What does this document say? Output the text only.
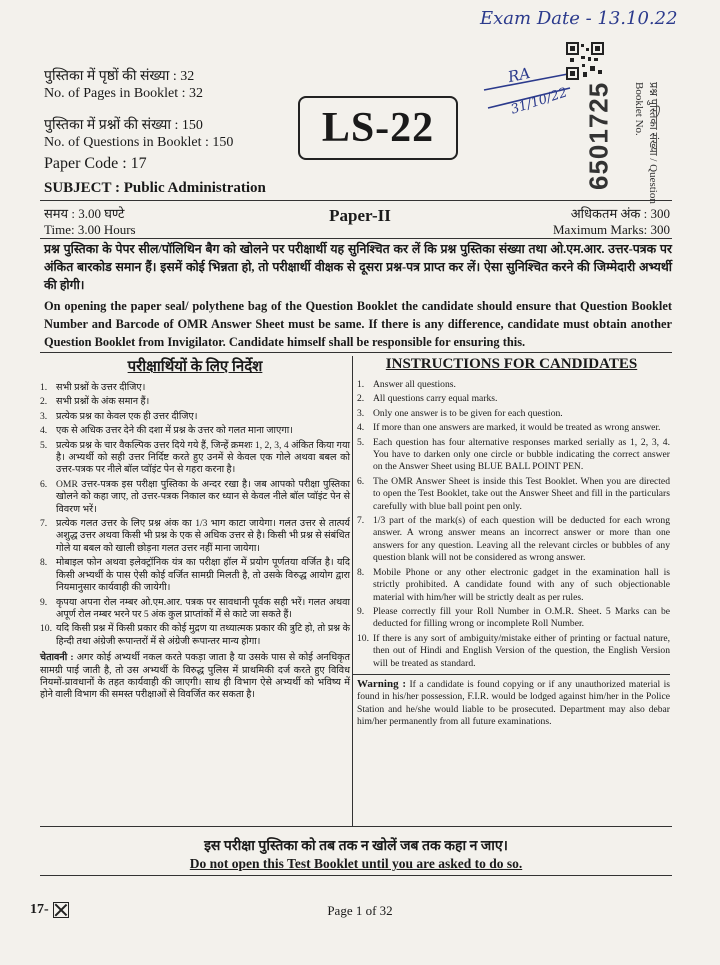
Exam Date - 13.10.22
RA
31/10/22
पुस्तिका में पृष्ठों की संख्या : 32
No. of Pages in Booklet : 32
पुस्तिका में प्रश्नों की संख्या : 150
No. of Questions in Booklet : 150
Paper Code : 17
SUBJECT : Public Administration
LS-22	6501725	प्रश्न पुस्तिका संख्या / Question Booklet No.
समय : 3.00 घण्टे
Time: 3.00 Hours
Paper-II	अधिकतम अंक : 300
Maximum Marks: 300
प्रश्न पुस्तिका के पेपर सील/पॉलिथिन बैग को खोलने पर परीक्षार्थी यह सुनिश्चित कर लें कि प्रश्न पुस्तिका संख्या तथा ओ.एम.आर. उत्तर-पत्रक पर अंकित बारकोड समान हैं। इसमें कोई भिन्नता हो, तो परीक्षार्थी वीक्षक से दूसरा प्रश्न-पत्र प्राप्त कर लें। ऐसा सुनिश्चित करने की जिम्मेदारी अभ्यर्थी की होगी।
On opening the paper seal/ polythene bag of the Question Booklet the candidate should ensure that Question Booklet Number and Barcode of OMR Answer Sheet must be same. If there is any difference, candidate must obtain another Question Booklet from Invigilator. Candidate himself shall be responsible for ensuring this.
परीक्षार्थियों के लिए निर्देश
1. सभी प्रश्नों के उत्तर दीजिए।
2. सभी प्रश्नों के अंक समान हैं।
3. प्रत्येक प्रश्न का केवल एक ही उत्तर दीजिए।
4. एक से अधिक उत्तर देने की दशा में प्रश्न के उत्तर को गलत माना जाएगा।
5. प्रत्येक प्रश्न के चार वैकल्पिक उत्तर दिये गये हैं, जिन्हें क्रमशः 1, 2, 3, 4 अंकित किया गया है। अभ्यर्थी को सही उत्तर निर्दिष्ट करते हुए उनमें से केवल एक गोले अथवा बबल को उत्तर-पत्रक पर नीले बॉल प्वॉइंट पेन से गहरा करना है।
6. OMR उत्तर-पत्रक इस परीक्षा पुस्तिका के अन्दर रखा है। जब आपको परीक्षा पुस्तिका खोलने को कहा जाए, तो उत्तर-पत्रक निकाल कर ध्यान से केवल नीले बॉल प्वॉइंट पेन से विवरण भरें।
7. प्रत्येक गलत उत्तर के लिए प्रश्न अंक का 1/3 भाग काटा जायेगा। गलत उत्तर से तात्पर्य अशुद्ध उत्तर अथवा किसी भी प्रश्न के एक से अधिक उत्तर से है। किसी भी प्रश्न से संबंधित गोले या बबल को खाली छोड़ना गलत उत्तर नहीं माना जायेगा।
8. मोबाइल फोन अथवा इलेक्ट्रॉनिक यंत्र का परीक्षा हॉल में प्रयोग पूर्णतया वर्जित है। यदि किसी अभ्यर्थी के पास ऐसी कोई वर्जित सामग्री मिलती है, तो उसके विरुद्ध आयोग द्वारा नियमानुसार कार्यवाही की जायेगी।
9. कृपया अपना रोल नम्बर ओ.एम.आर. पत्रक पर सावधानी पूर्वक सही भरें। गलत अथवा अपूर्ण रोल नम्बर भरने पर 5 अंक कुल प्राप्तांकों में से काटे जा सकते हैं।
10. यदि किसी प्रश्न में किसी प्रकार की कोई मुद्रण या तथ्यात्मक प्रकार की त्रुटि हो, तो प्रश्न के हिन्दी तथा अंग्रेजी रूपान्तरों में से अंग्रेजी रूपान्तर मान्य होगा।
चेतावनी : अगर कोई अभ्यर्थी नकल करते पकड़ा जाता है या उसके पास से कोई अनधिकृत सामग्री पाई जाती है, तो उस अभ्यर्थी के विरुद्ध पुलिस में प्राथमिकी दर्ज करते हुए विविध नियमों-प्रावधानों के तहत कार्यवाही की जाएगी। साथ ही विभाग ऐसे अभ्यर्थी को भविष्य में होने वाली विभाग की समस्त परीक्षाओं से विवर्जित कर सकता है।
INSTRUCTIONS FOR CANDIDATES
1. Answer all questions.
2. All questions carry equal marks.
3. Only one answer is to be given for each question.
4. If more than one answers are marked, it would be treated as wrong answer.
5. Each question has four alternative responses marked serially as 1, 2, 3, 4. You have to darken only one circle or bubble indicating the correct answer on the Answer Sheet using BLUE BALL POINT PEN.
6. The OMR Answer Sheet is inside this Test Booklet. When you are directed to open the Test Booklet, take out the Answer Sheet and fill in the particulars carefully with blue ball point pen only.
7. 1/3 part of the mark(s) of each question will be deducted for each wrong answer. A wrong answer means an incorrect answer or more than one answers for any question. Leaving all the relevant circles or bubbles of any question blank will not be considered as wrong answer.
8. Mobile Phone or any other electronic gadget in the examination hall is strictly prohibited. A candidate found with any of such objectionable material with him/her will be strictly dealt as per rules.
9. Please correctly fill your Roll Number in O.M.R. Sheet. 5 Marks can be deducted for filling wrong or incomplete Roll Number.
10. If there is any sort of ambiguity/mistake either of printing or factual nature, then out of Hindi and English Version of the question, the English Version will be treated as standard.
Warning : If a candidate is found copying or if any unauthorized material is found in his/her possession, F.I.R. would be lodged against him/her in the Police Station and he/she would liable to be prosecuted. Department may also debar him/her permanently from all future examinations.
इस परीक्षा पुस्तिका को तब तक न खोलें जब तक कहा न जाए।
Do not open this Test Booklet until you are asked to do so.
17-	Page 1 of 32
